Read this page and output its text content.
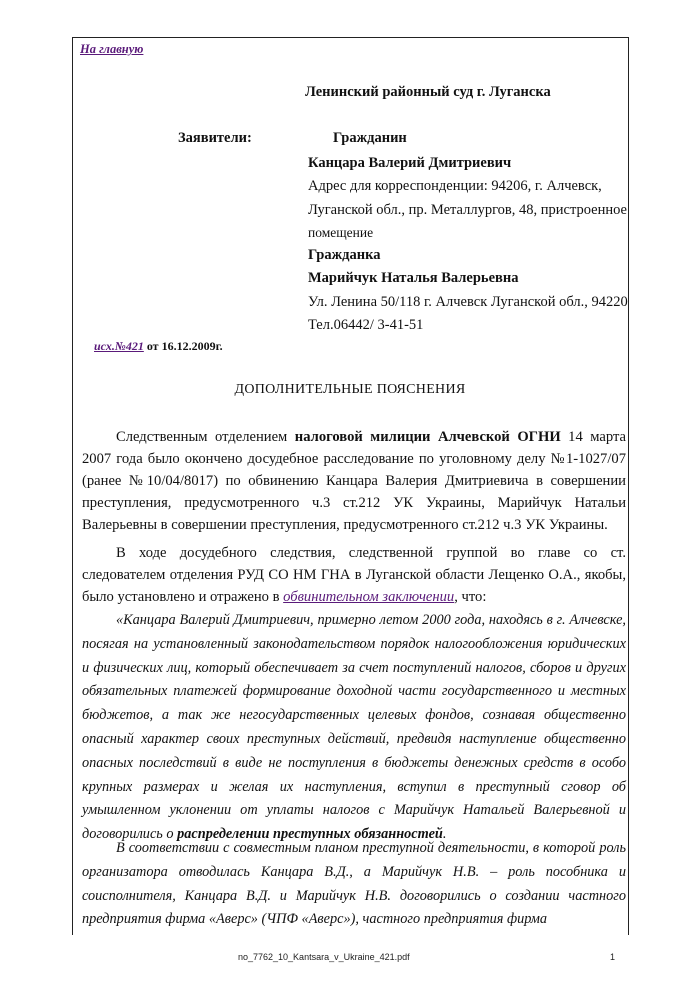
На главную
Ленинский районный суд г. Луганска
Заявители:	Гражданин
Канцара Валерий Дмитриевич
Адрес для корреспонденции: 94206, г. Алчевск,
Луганской обл., пр. Металлургов, 48, пристроенное
помещение
Гражданка
Марийчук Наталья Валерьевна
Ул. Ленина 50/118 г. Алчевск Луганской обл., 94220
Тел.06442/ 3-41-51
исх.№421 от 16.12.2009г.
ДОПОЛНИТЕЛЬНЫЕ ПОЯСНЕНИЯ

Следственным отделением налоговой милиции Алчевской ОГНИ 14 марта 2007 года было окончено досудебное расследование по уголовному делу №1-1027/07 (ранее №10/04/8017) по обвинению Канцара Валерия Дмитриевича в совершении преступления, предусмотренного ч.3 ст.212 УК Украины, Марийчук Натальи Валерьевны в совершении преступления, предусмотренного ст.212 ч.3 УК Украины.

В ходе досудебного следствия, следственной группой во главе со ст. следователем отделения РУД СО НМ ГНА в Луганской области Лещенко О.А., якобы, было установлено и отражено в обвинительном заключении, что:

«Канцара Валерий Дмитриевич, примерно летом 2000 года, находясь в г. Алчевске, посягая на установленный законодательством порядок налогообложения юридических и физических лиц, который обеспечивает за счет поступлений налогов, сборов и других обязательных платежей формирование доходной части государственного и местных бюджетов, а так же негосударственных целевых фондов, сознавая общественно опасный характер своих преступных действий, предвидя наступление общественно опасных последствий в виде не поступления в бюджеты денежных средств в особо крупных размерах и желая их наступления, вступил в преступный сговор об умышленном уклонении от уплаты налогов с Марийчук Натальей Валерьевной и договорились о распределении преступных обязанностей.

В соответствии с совместным планом преступной деятельности, в которой роль организатора отводилась Канцара В.Д., а Марийчук Н.В. – роль пособника и соисполнителя, Канцара В.Д. и Марийчук Н.В. договорились о создании частного предприятия фирма «Аверс» (ЧПФ «Аверс»), частного предприятия фирма

no_7762_10_Kantsara_v_Ukraine_421.pdf	1
